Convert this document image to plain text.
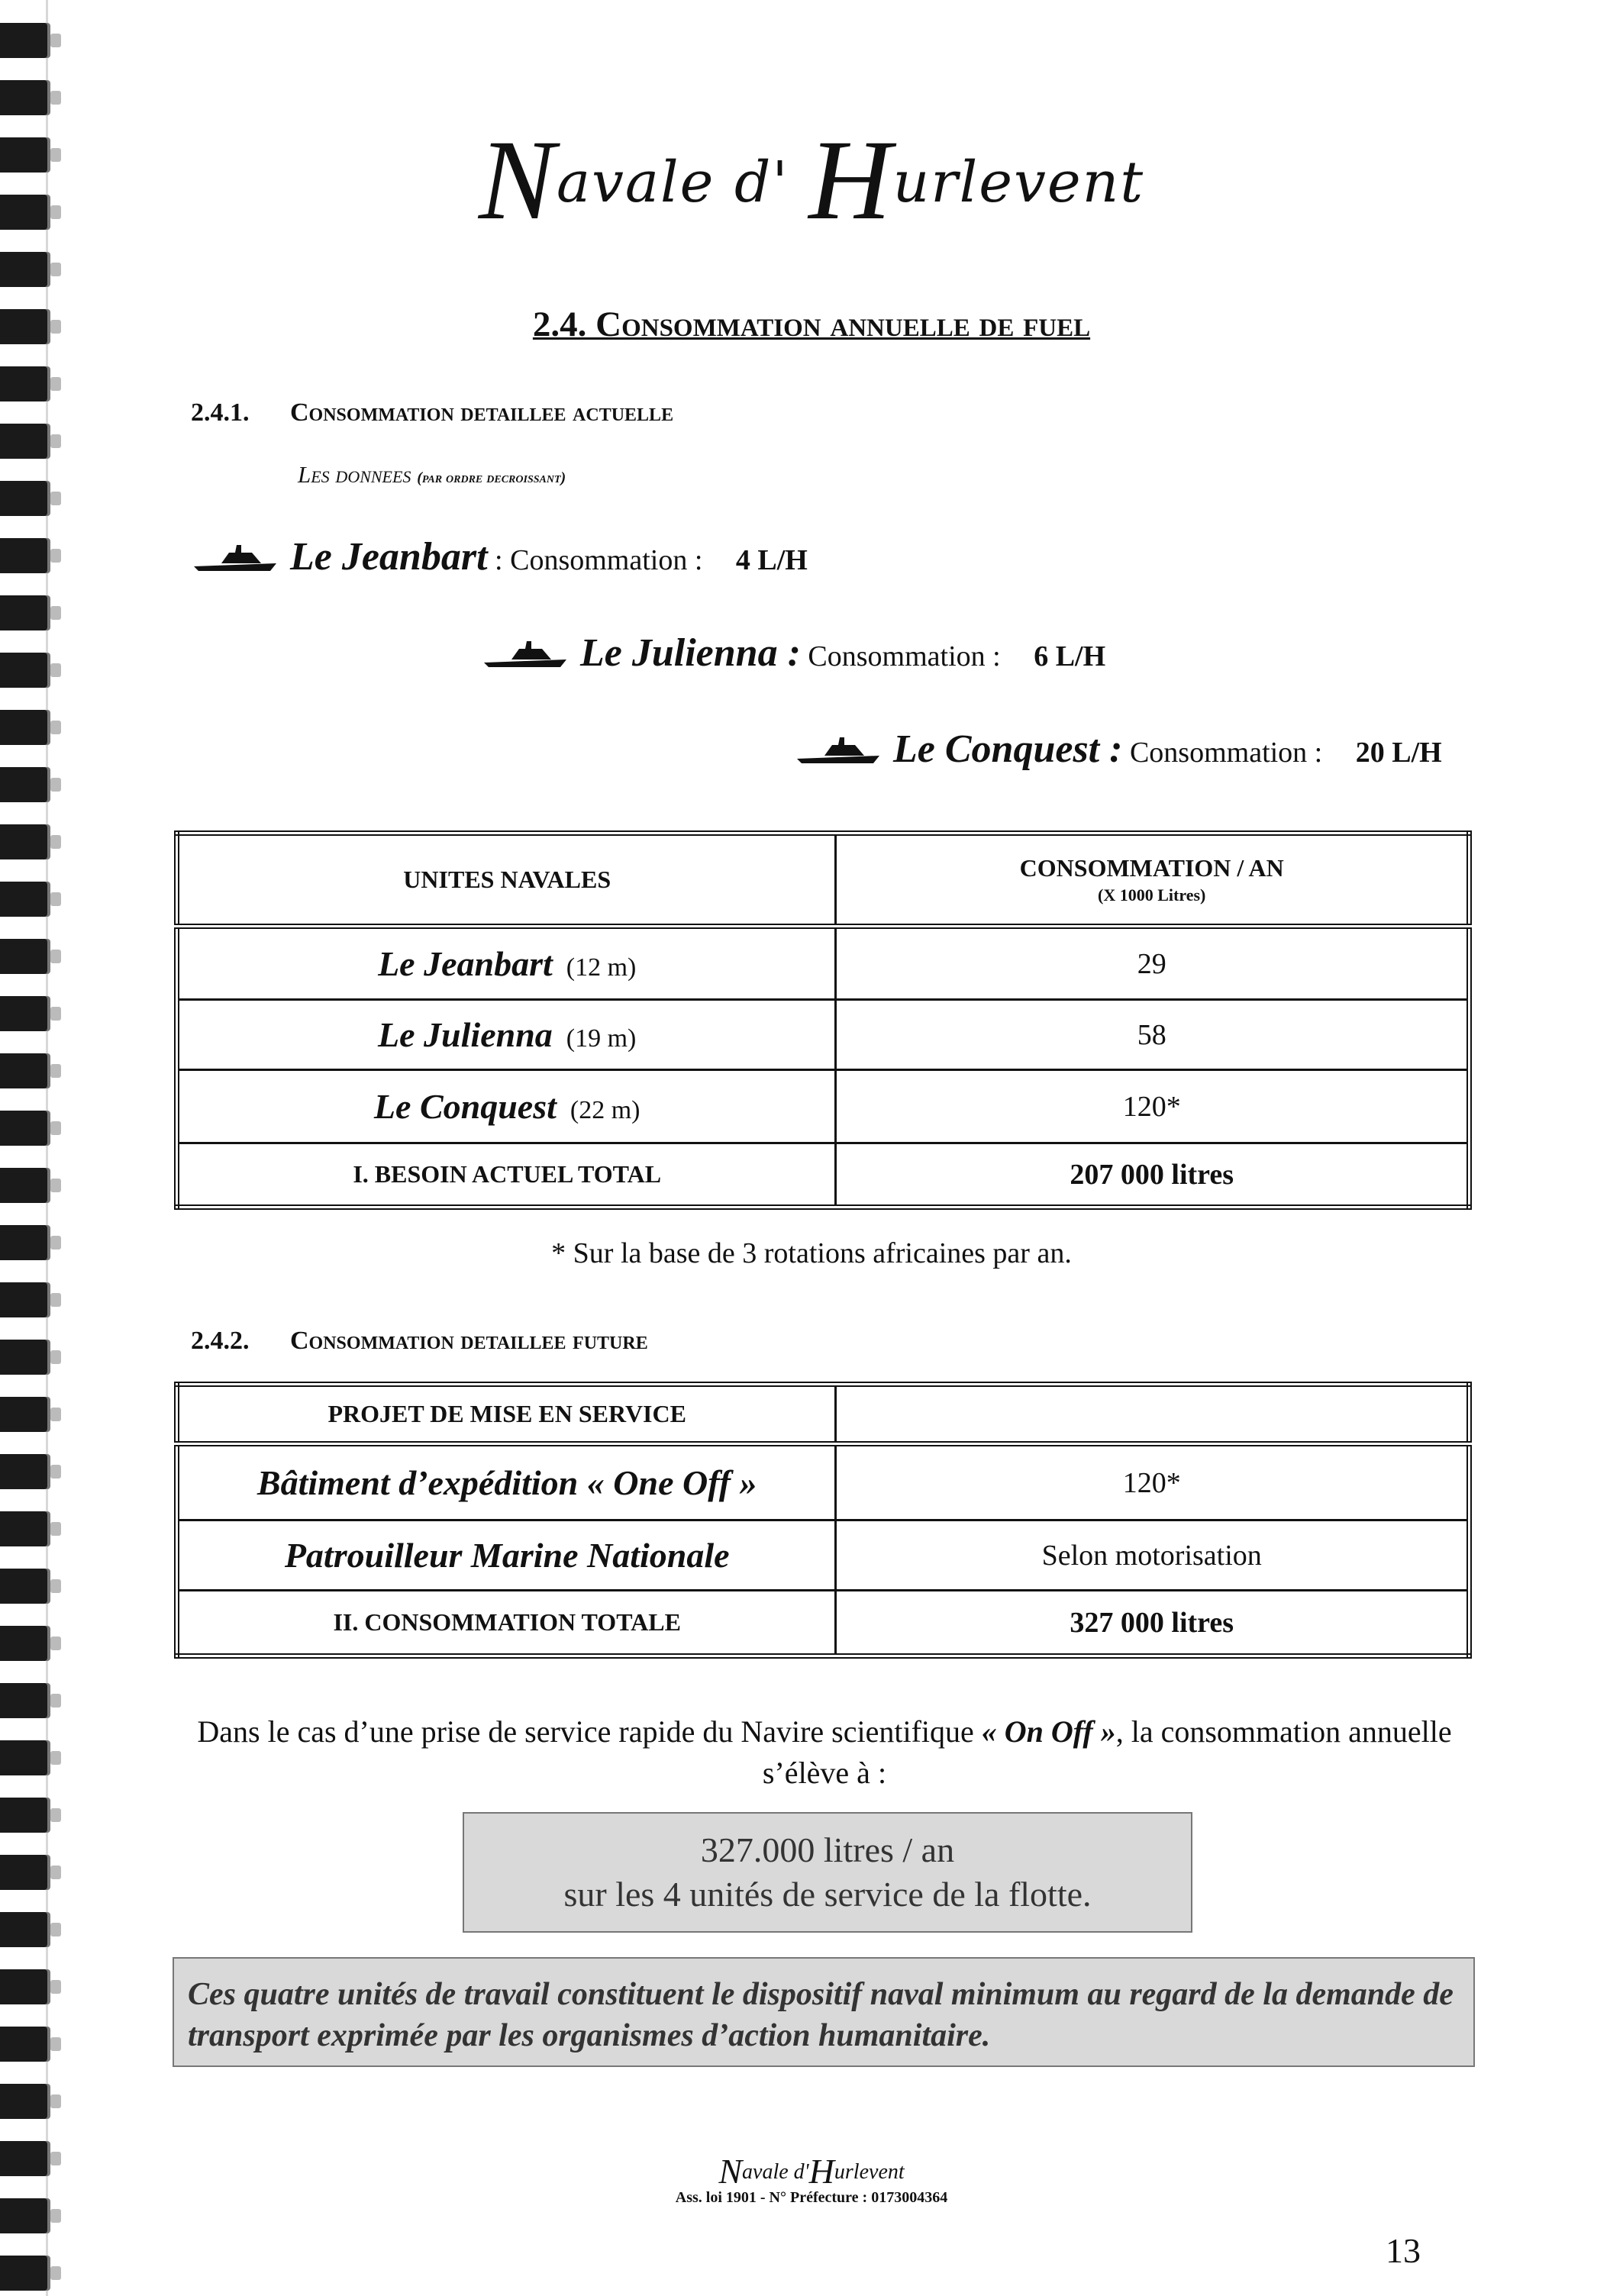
Navale d' Hurlevent
2.4. Consommation annuelle de fuel
2.4.1. Consommation detaillee actuelle
Les donnees (par ordre decroissant)
Le Jeanbart : Consommation : 4 L/H
Le Julienna : Consommation : 6 L/H
Le Conquest : Consommation : 20 L/H
UNITES NAVALES	CONSOMMATION / AN
(X 1000 Litres)

Le Jeanbart (12 m)	29
Le Julienna (19 m)	58
Le Conquest (22 m)	120*
I. BESOIN ACTUEL TOTAL	207 000 litres
* Sur la base de 3 rotations africaines par an.
2.4.2. Consommation detaillee future
PROJET DE MISE EN SERVICE	
Bâtiment d’expédition « One Off »	120*
Patrouilleur Marine Nationale	Selon motorisation
II. CONSOMMATION TOTALE	327 000 litres
Dans le cas d’une prise de service rapide du Navire scientifique « On Off », la consommation annuelle s’élève à :
327.000 litres / an
sur les 4 unités de service de la flotte.
Ces quatre unités de travail constituent le dispositif naval minimum au regard de la demande de transport exprimée par les organismes d’action humanitaire.
Navale d'Hurlevent
Ass. loi 1901 - N° Préfecture : 0173004364
13
